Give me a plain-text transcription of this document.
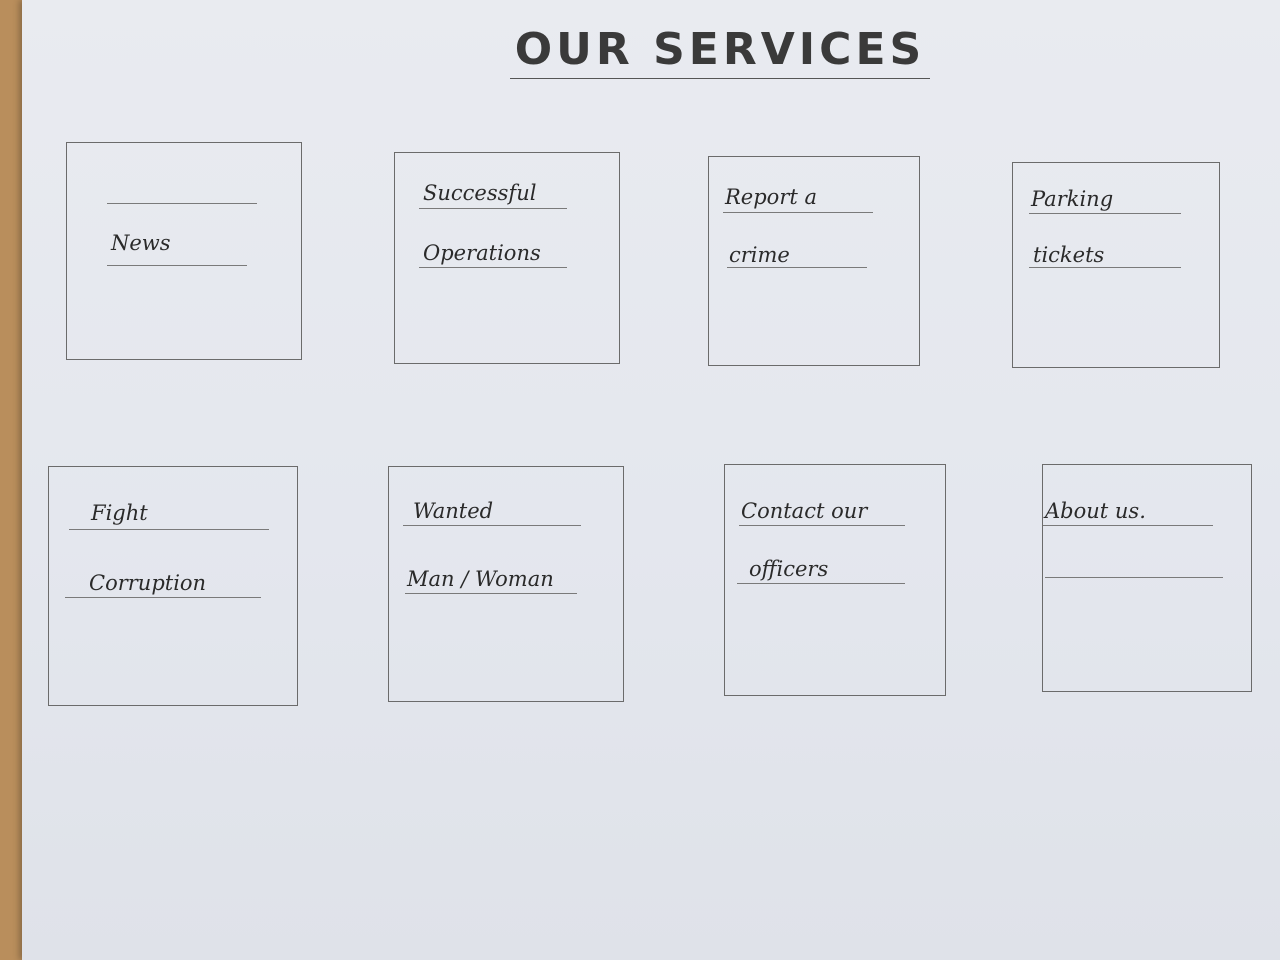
OUR SERVICES
News
Successful
Operations
Report a
crime
Parking
tickets
Fight
Corruption
Wanted
Man / Woman
Contact our
officers
About us.
